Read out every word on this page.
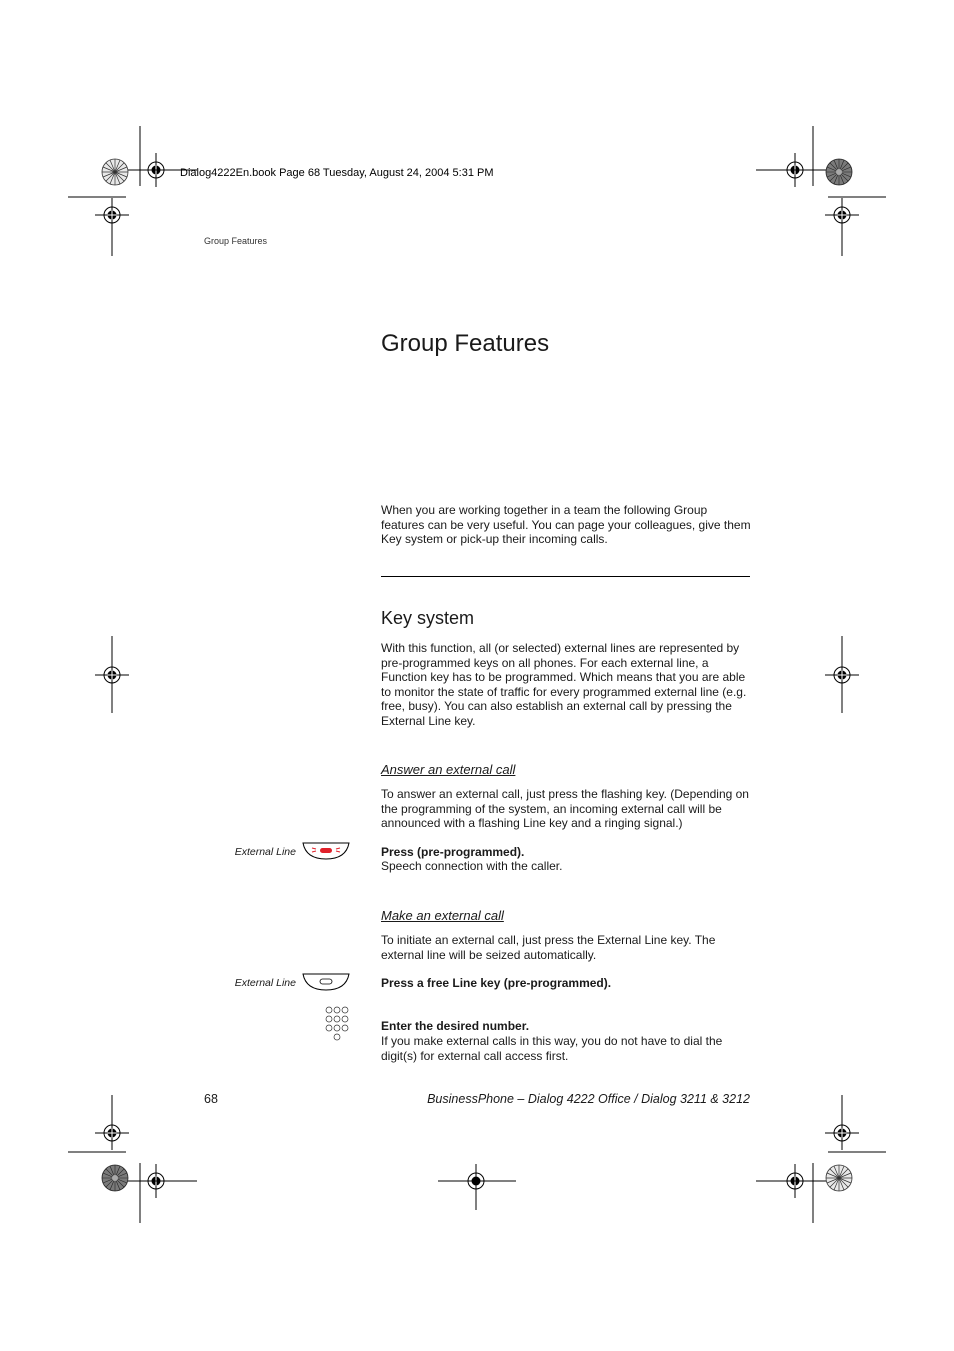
Dialog4222En.book Page 68 Tuesday, August 24, 2004 5:31 PM
Group Features
Group Features

When you are working together in a team the following Group features can be very useful. You can page your colleagues, give them Key system or pick-up their incoming calls.

Key system

With this function, all (or selected) external lines are represented by pre-programmed keys on all phones. For each external line, a Function key has to be programmed. Which means that you are able to monitor the state of traffic for every programmed external line (e.g. free, busy). You can also establish an external call by pressing the External Line key.

Answer an external call

To answer an external call, just press the flashing key. (Depending on the programming of the system, an incoming external call will be announced with a flashing Line key and a ringing signal.)

External Line	Press (pre-programmed).
Speech connection with the caller.
Make an external call

To initiate an external call, just press the External Line key. The external line will be seized automatically.

External Line	Press a free Line key (pre-programmed).
Enter the desired number.
If you make external calls in this way, you do not have to dial the digit(s) for external call access first.
68	BusinessPhone – Dialog 4222 Office / Dialog 3211 & 3212
